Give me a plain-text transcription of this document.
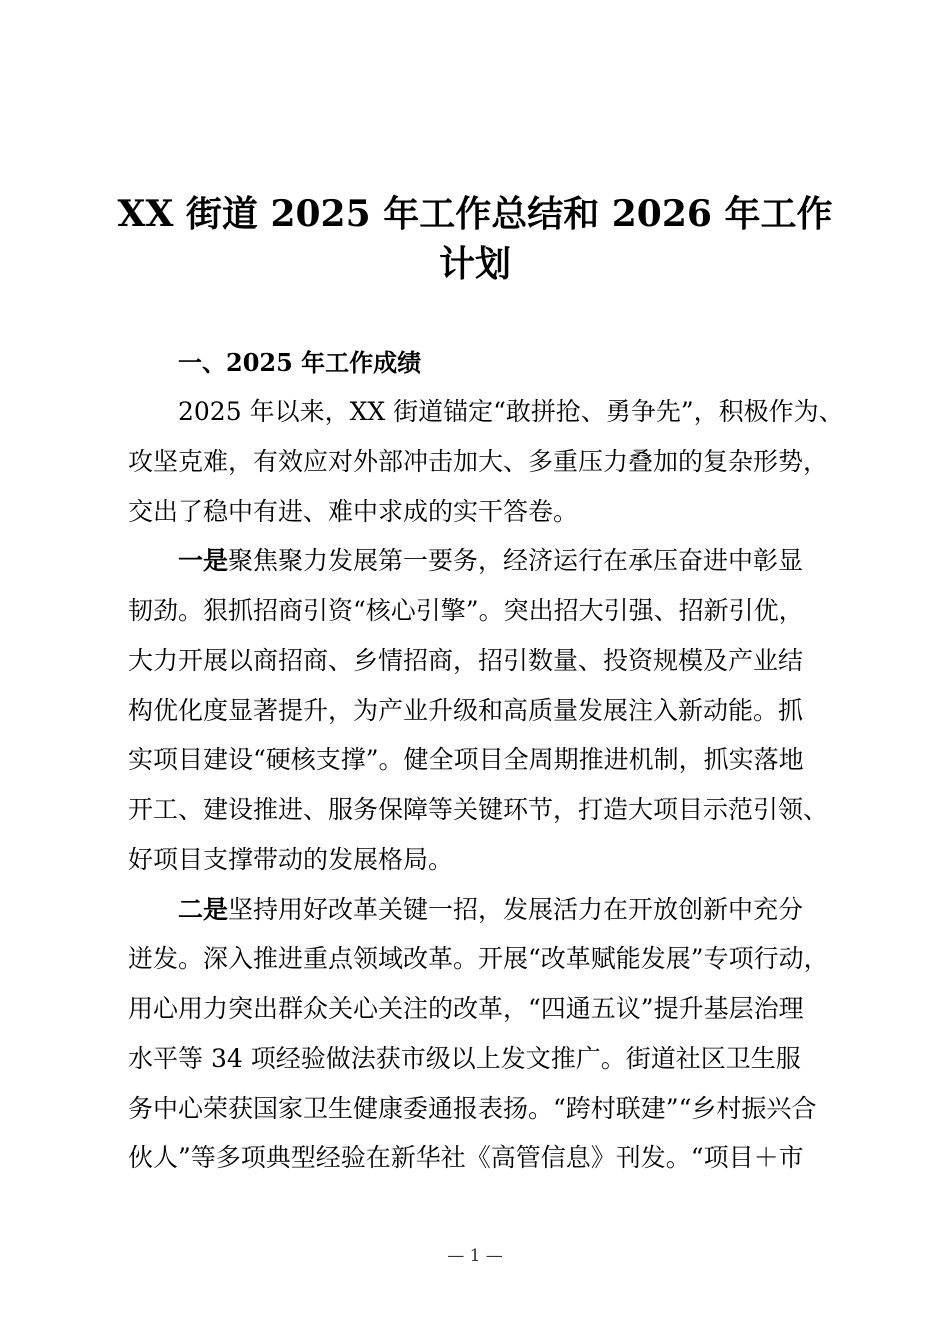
XX 街道 2025 年工作总结和 2026 年工作
计划
一、2025 年工作成绩
2025 年以来，XX 街道锚定“敢拼抢、勇争先”，积极作为、
攻坚克难，有效应对外部冲击加大、多重压力叠加的复杂形势，
交出了稳中有进、难中求成的实干答卷。
一是聚焦聚力发展第一要务，经济运行在承压奋进中彰显
韧劲。狠抓招商引资“核心引擎”。突出招大引强、招新引优，
大力开展以商招商、乡情招商，招引数量、投资规模及产业结
构优化度显著提升，为产业升级和高质量发展注入新动能。抓
实项目建设“硬核支撑”。健全项目全周期推进机制，抓实落地
开工、建设推进、服务保障等关键环节，打造大项目示范引领、
好项目支撑带动的发展格局。
二是坚持用好改革关键一招，发展活力在开放创新中充分
迸发。深入推进重点领域改革。开展“改革赋能发展”专项行动，
用心用力突出群众关心关注的改革，“四通五议”提升基层治理
水平等 34 项经验做法获市级以上发文推广。街道社区卫生服
务中心荣获国家卫生健康委通报表扬。“跨村联建”“乡村振兴合
伙人”等多项典型经验在新华社《高管信息》刊发。“项目＋市
— 1 —
